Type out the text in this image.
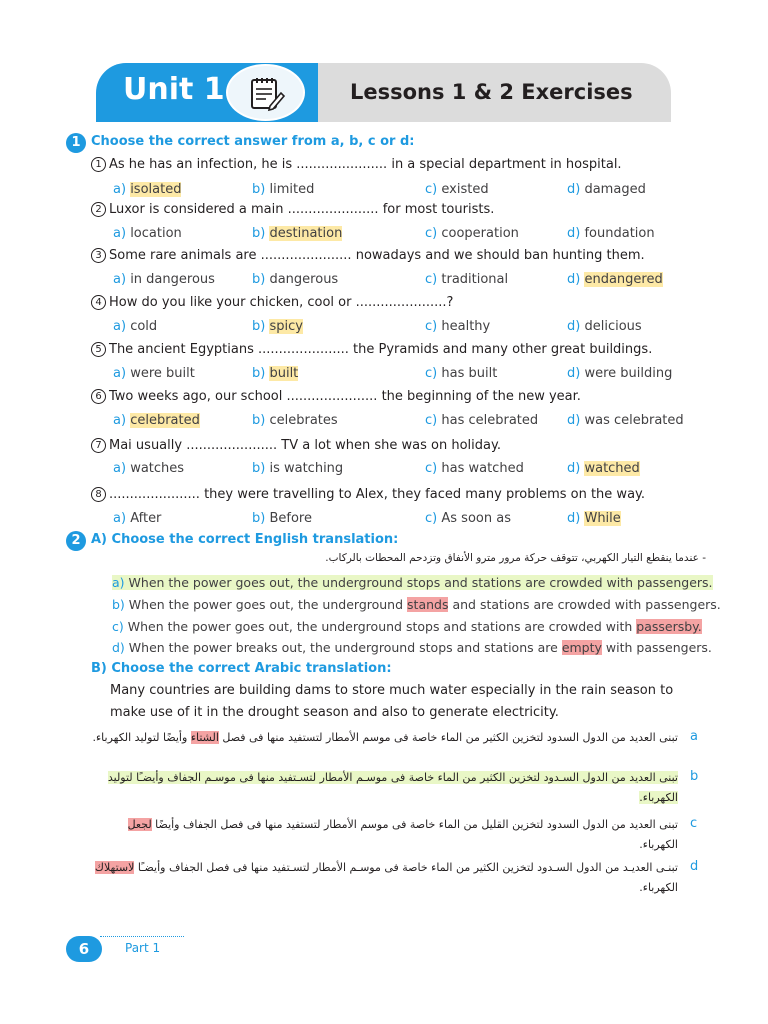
Unit 1	Lessons 1 & 2 Exercises
1 Choose the correct answer from a, b, c or d:
1 As he has an infection, he is ...................... in a special department in hospital.
a) isolated	b) limited	c) existed	d) damaged
2 Luxor is considered a main ...................... for most tourists.
a) location	b) destination	c) cooperation	d) foundation
3 Some rare animals are ...................... nowadays and we should ban hunting them.
a) in dangerous	b) dangerous	c) traditional	d) endangered
4 How do you like your chicken, cool or ......................?
a) cold	b) spicy	c) healthy	d) delicious
5 The ancient Egyptians ...................... the Pyramids and many other great buildings.
a) were built	b) built	c) has built	d) were building
6 Two weeks ago, our school ...................... the beginning of the new year.
a) celebrated	b) celebrates	c) has celebrated d) was celebrated
7 Mai usually ...................... TV a lot when she was on holiday.
a) watches	b) is watching	c) has watched	d) watched
8 ...................... they were travelling to Alex, they faced many problems on the way.
a) After	b) Before	c) As soon as	d) While
2 A) Choose the correct English translation:
- عندما ينقطع التيار الكهربي، تتوقف حركة مرور مترو الأنفاق وتزدحم المحطات بالركاب.
a) When the power goes out, the underground stops and stations are crowded with passengers.
b) When the power goes out, the underground stands and stations are crowded with passengers.
c) When the power goes out, the underground stops and stations are crowded with passersby.
d) When the power breaks out, the underground stops and stations are empty with passengers.
B) Choose the correct Arabic translation:
Many countries are building dams to store much water especially in the rain season to make use of it in the drought season and also to generate electricity.
a
تبنى العديد من الدول السدود لتخزين الكثير من الماء خاصة فى موسم الأمطار لتستفيد منها فى فصل الشتاء وأيضًا لتوليد الكهرباء.
b
تبنى العديد من الدول السـدود لتخزين الكثير من الماء خاصة فى موسـم الأمطار لتسـتفيد منها فى موسـم الجفاف وأيضـًا لتوليد الكهرباء.
c
تبنى العديد من الدول السدود لتخزين القليل من الماء خاصة فى موسم الأمطار لتستفيد منها فى فصل الجفاف وأيضًا لجعل الكهرباء.
d
تبنـى العديـد من الدول السـدود لتخزين الكثير من الماء خاصة فى موسـم الأمطار لتسـتفيد منها فى فصل الجفاف وأيضـًا لاستهلاك الكهرباء.
6	Part 1
